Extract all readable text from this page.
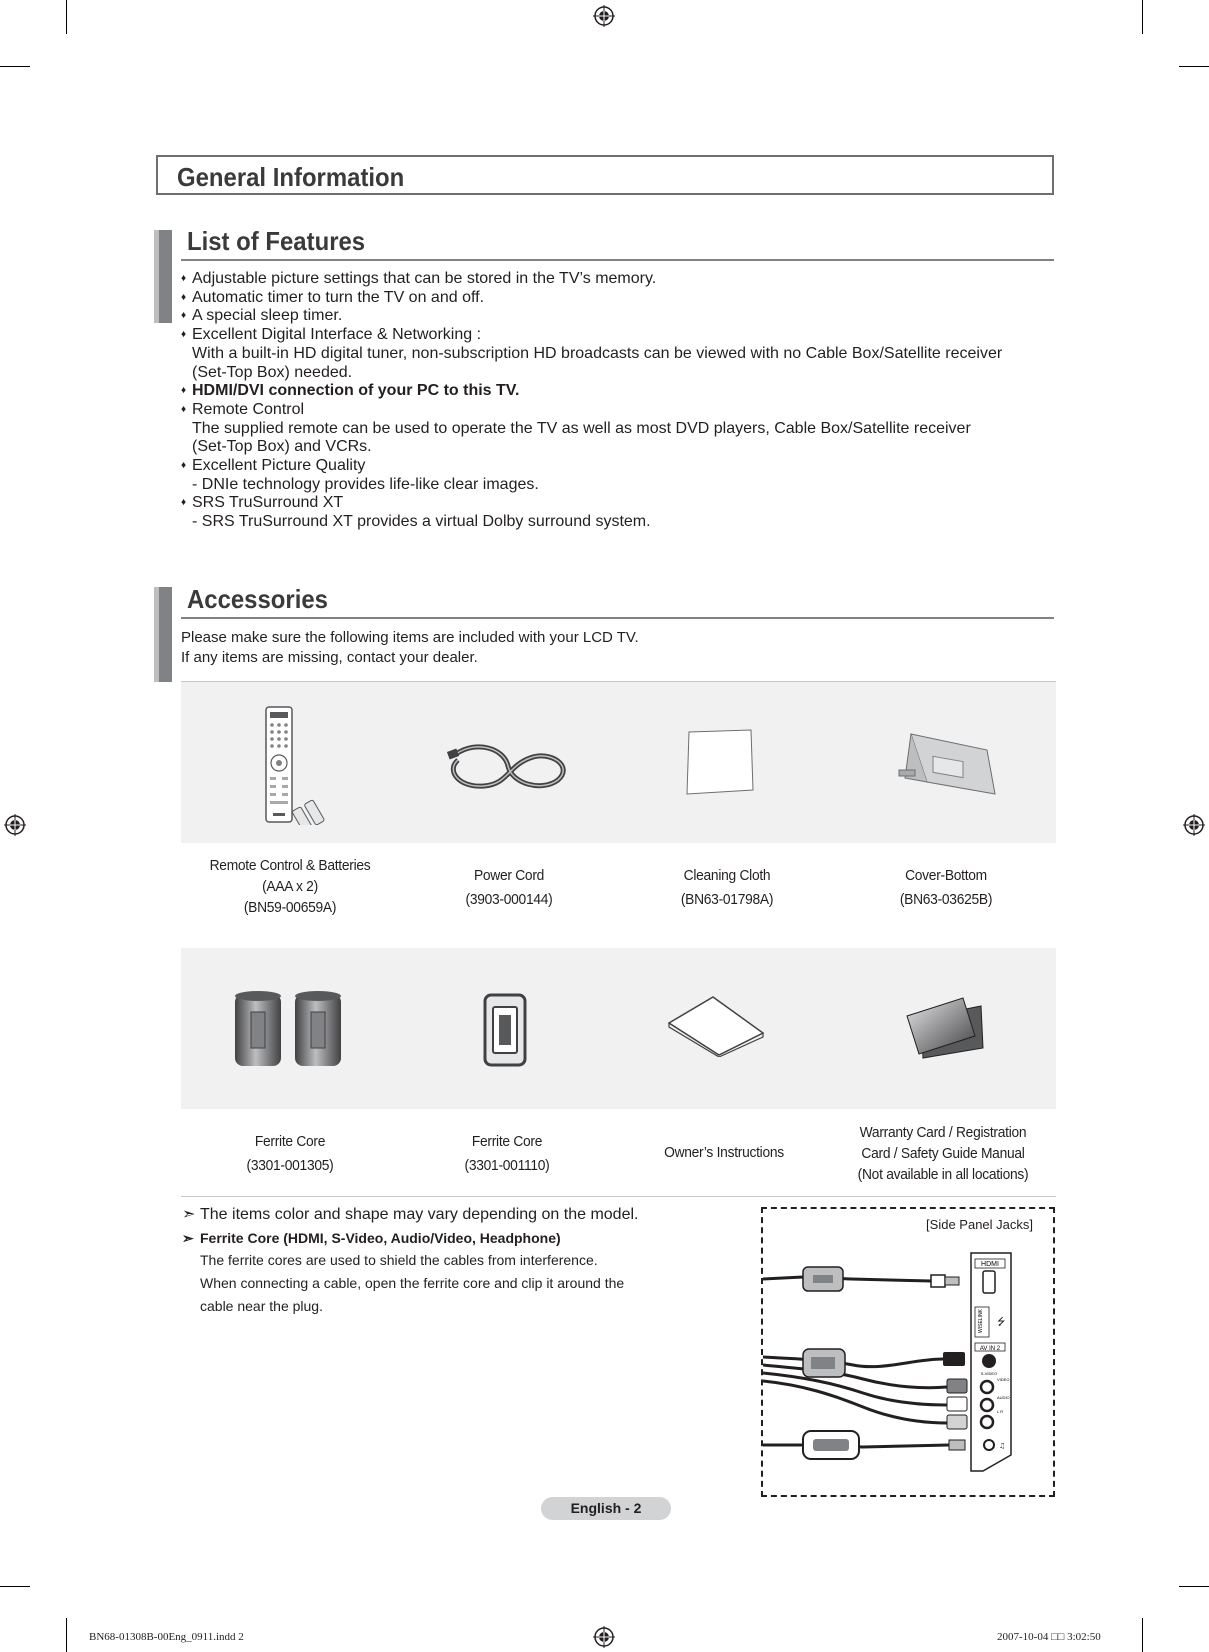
General Information
List of Features
♦ Adjustable picture settings that can be stored in the TV’s memory.
♦ Automatic timer to turn the TV on and off.
♦ A special sleep timer.
♦ Excellent Digital Interface & Networking :
With a built-in HD digital tuner, non-subscription HD broadcasts can be viewed with no Cable Box/Satellite receiver
(Set-Top Box) needed.
♦ HDMI/DVI connection of your PC to this TV.
♦ Remote Control
The supplied remote can be used to operate the TV as well as most DVD players, Cable Box/Satellite receiver
(Set-Top Box) and VCRs.
♦ Excellent Picture Quality
- DNIe technology provides life-like clear images.
♦ SRS TruSurround XT
- SRS TruSurround XT provides a virtual Dolby surround system.
Accessories
Please make sure the following items are included with your LCD TV.
If any items are missing, contact your dealer.
Remote Control & Batteries
(AAA x 2)
(BN59-00659A)
Power Cord
(3903-000144)
Cleaning Cloth
(BN63-01798A)
Cover-Bottom
(BN63-03625B)
Ferrite Core
(3301-001305)
Ferrite Core
(3301-001110)
Owner’s Instructions
Warranty Card / Registration
Card / Safety Guide Manual
(Not available in all locations)
➣ The items color and shape may vary depending on the model.
➣ Ferrite Core (HDMI, S-Video, Audio/Video, Headphone)
The ferrite cores are used to shield the cables from interference.
When connecting a cable, open the ferrite core and clip it around the
cable near the plug.
[Side Panel Jacks]
HDMI
WISELINK ⭍
AV IN 2
S-VIDEO
VIDEO
AUDIO
L R
♫
English - 2
BN68-01308B-00Eng_0911.indd 2	2007-10-04 □□ 3:02:50
